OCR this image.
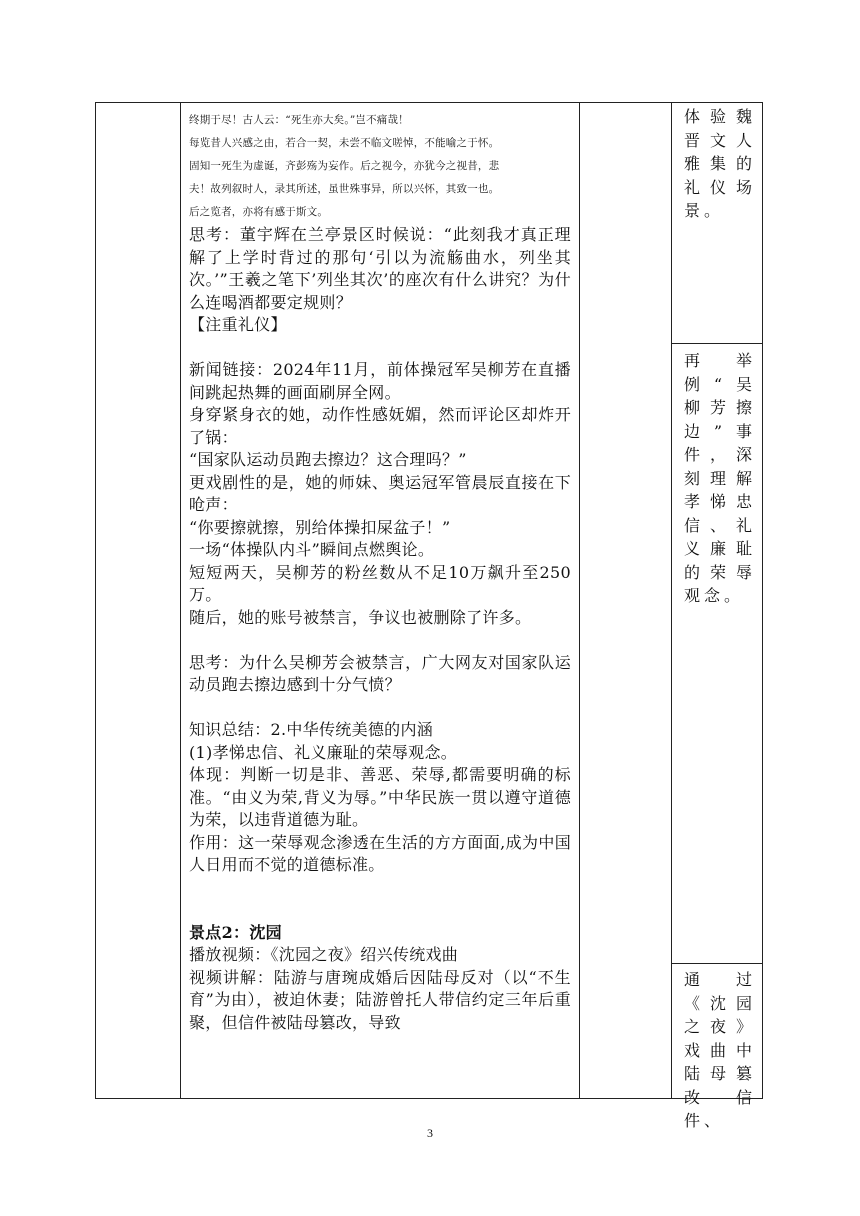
终期于尽！古人云：“死生亦大矣。”岂不痛哉！

每览昔人兴感之由，若合一契，未尝不临文嗟悼，不能喻之于怀。

固知一死生为虚诞，齐彭殇为妄作。后之视今，亦犹今之视昔，悲

夫！故列叙时人，录其所述，虽世殊事异，所以兴怀，其致一也。

后之览者，亦将有感于斯文。

思考：董宇辉在兰亭景区时候说：“此刻我才真正理解了上学时背过的那句‘引以为流觞曲水，列坐其次。’”王羲之笔下’列坐其次’的座次有什么讲究？为什么连喝酒都要定规则？

【注重礼仪】

新闻链接：2024年11月，前体操冠军吴柳芳在直播间跳起热舞的画面刷屏全网。

身穿紧身衣的她，动作性感妩媚，然而评论区却炸开了锅：

“国家队运动员跑去擦边？这合理吗？”

更戏剧性的是，她的师妹、奥运冠军管晨辰直接在下呛声：

“你要擦就擦，别给体操扣屎盆子！”

一场“体操队内斗”瞬间点燃舆论。

短短两天，吴柳芳的粉丝数从不足10万飙升至250万。

随后，她的账号被禁言，争议也被删除了许多。

思考：为什么吴柳芳会被禁言，广大网友对国家队运动员跑去擦边感到十分气愤？

知识总结：2.中华传统美德的内涵

(1)孝悌忠信、礼义廉耻的荣辱观念。

体现：判断一切是非、善恶、荣辱,都需要明确的标准。“由义为荣,背义为辱。”中华民族一贯以遵守道德为荣，以违背道德为耻。

作用：这一荣辱观念渗透在生活的方方面面,成为中国人日用而不觉的道德标准。

景点2：沈园

播放视频：《沈园之夜》绍兴传统戏曲

视频讲解：陆游与唐琬成婚后因陆母反对（以“不生育”为由），被迫休妻；陆游曾托人带信约定三年后重聚，但信件被陆母篡改，导致

体验魏晋文人雅集的礼仪场景。

再举例“吴柳芳擦边”事件，深刻理解孝悌忠信、礼义廉耻的荣辱观念。

通过《沈园之夜》戏曲中陆母篡改信件、

3
